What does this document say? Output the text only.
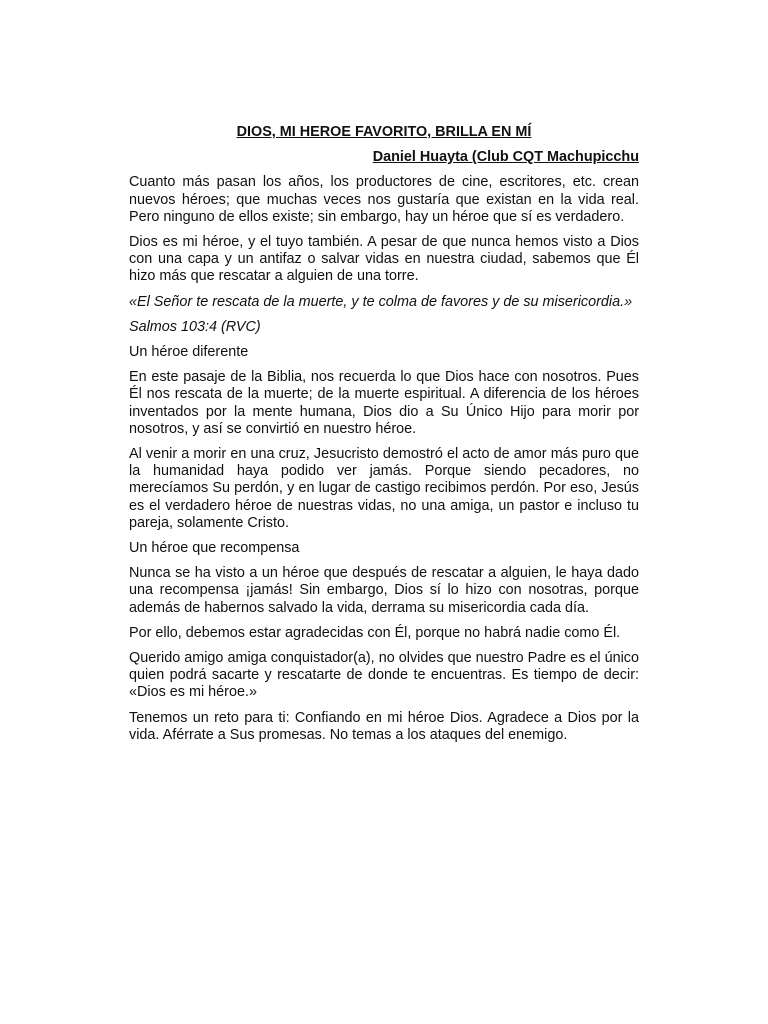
DIOS, MI HEROE FAVORITO, BRILLA EN MÍ
Daniel Huayta (Club CQT Machupicchu

Cuanto más pasan los años, los productores de cine, escritores, etc. crean nuevos héroes; que muchas veces nos gustaría que existan en la vida real. Pero ninguno de ellos existe; sin embargo, hay un héroe que sí es verdadero.

Dios es mi héroe, y el tuyo también. A pesar de que nunca hemos visto a Dios con una capa y un antifaz o salvar vidas en nuestra ciudad, sabemos que Él hizo más que rescatar a alguien de una torre.

«El Señor te rescata de la muerte, y te colma de favores y de su misericordia.»

Salmos 103:4 (RVC)

Un héroe diferente

En este pasaje de la Biblia, nos recuerda lo que Dios hace con nosotros. Pues Él nos rescata de la muerte; de la muerte espiritual. A diferencia de los héroes inventados por la mente humana, Dios dio a Su Único Hijo para morir por nosotros, y así se convirtió en nuestro héroe.

Al venir a morir en una cruz, Jesucristo demostró el acto de amor más puro que la humanidad haya podido ver jamás. Porque siendo pecadores, no merecíamos Su perdón, y en lugar de castigo recibimos perdón. Por eso, Jesús es el verdadero héroe de nuestras vidas, no una amiga, un pastor e incluso tu pareja, solamente Cristo.

Un héroe que recompensa

Nunca se ha visto a un héroe que después de rescatar a alguien, le haya dado una recompensa ¡jamás! Sin embargo, Dios sí lo hizo con nosotras, porque además de habernos salvado la vida, derrama su misericordia cada día.

Por ello, debemos estar agradecidas con Él, porque no habrá nadie como Él.

Querido amigo amiga conquistador(a), no olvides que nuestro Padre es el único quien podrá sacarte y rescatarte de donde te encuentras. Es tiempo de decir: «Dios es mi héroe.»

Tenemos un reto para ti: Confiando en mi héroe Dios. Agradece a Dios por la vida. Aférrate a Sus promesas. No temas a los ataques del enemigo.
